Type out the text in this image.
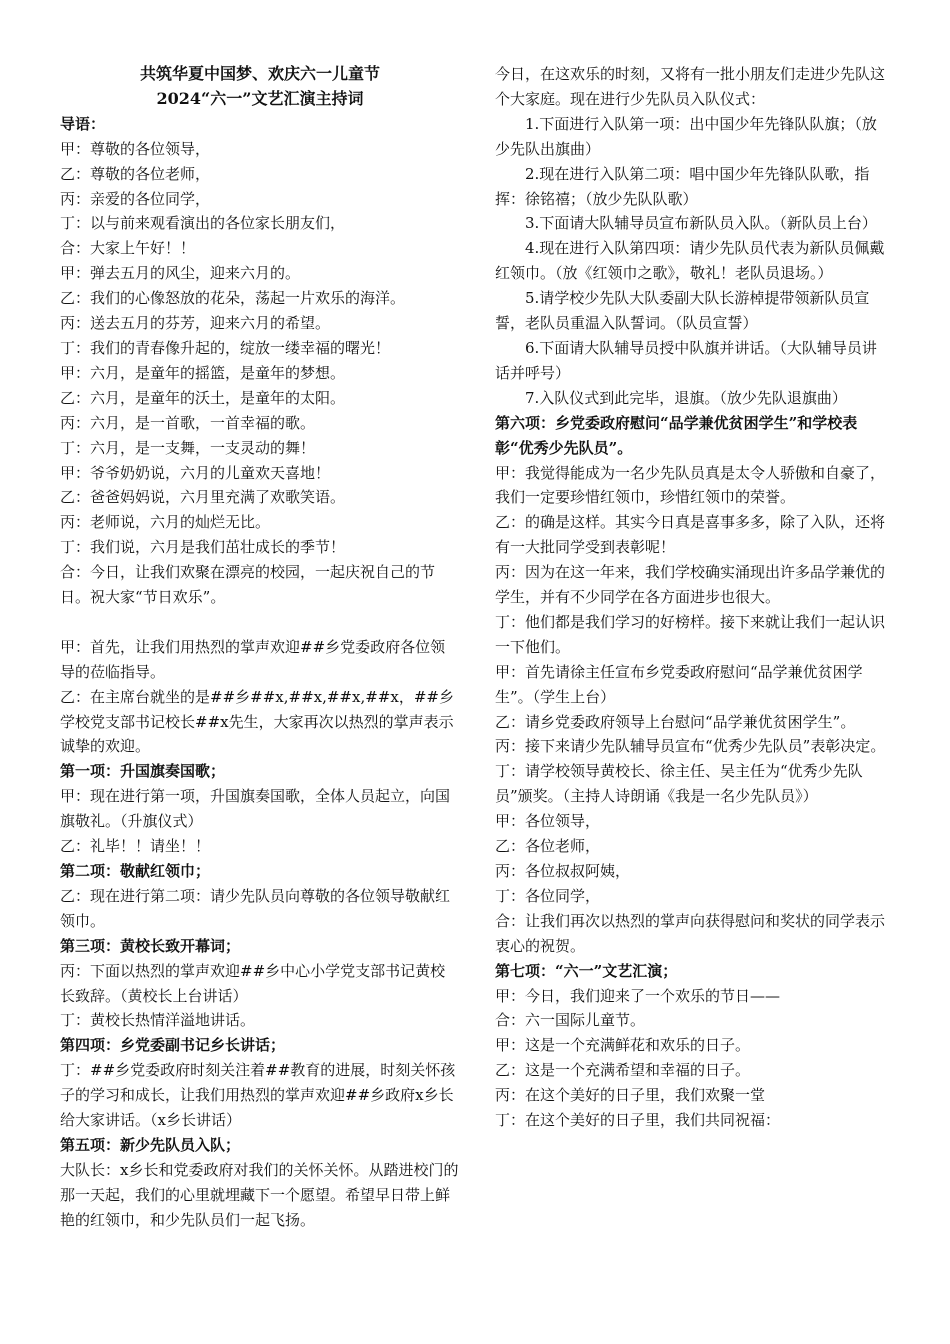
共筑华夏中国梦、欢庆六一儿童节
2024“六一”文艺汇演主持词
导语：
甲：尊敬的各位领导，
乙：尊敬的各位老师，
丙：亲爱的各位同学，
丁：以与前来观看演出的各位家长朋友们，
合：大家上午好！！
甲：弹去五月的风尘，迎来六月的。
乙：我们的心像怒放的花朵，荡起一片欢乐的海洋。
丙：送去五月的芬芳，迎来六月的希望。
丁：我们的青春像升起的，绽放一缕幸福的曙光！
甲：六月，是童年的摇篮，是童年的梦想。
乙：六月，是童年的沃土，是童年的太阳。
丙：六月，是一首歌，一首幸福的歌。
丁：六月，是一支舞，一支灵动的舞！
甲：爷爷奶奶说，六月的儿童欢天喜地！
乙：爸爸妈妈说，六月里充满了欢歌笑语。
丙：老师说，六月的灿烂无比。
丁：我们说，六月是我们茁壮成长的季节！
合：今日，让我们欢聚在漂亮的校园，一起庆祝自己的节日。祝大家“节日欢乐”。
甲：首先，让我们用热烈的掌声欢迎##乡党委政府各位领导的莅临指导。
乙：在主席台就坐的是##乡##x,##x,##x,##x，##乡学校党支部书记校长##x先生，大家再次以热烈的掌声表示诚挚的欢迎。
第一项：升国旗奏国歌；
甲：现在进行第一项，升国旗奏国歌，全体人员起立，向国旗敬礼。（升旗仪式）
乙：礼毕！！请坐！！
第二项：敬献红领巾；
乙：现在进行第二项：请少先队员向尊敬的各位领导敬献红领巾。
第三项：黄校长致开幕词；
丙：下面以热烈的掌声欢迎##乡中心小学党支部书记黄校长致辞。（黄校长上台讲话）
丁：黄校长热情洋溢地讲话。
第四项：乡党委副书记乡长讲话；
丁：##乡党委政府时刻关注着##教育的进展，时刻关怀孩子的学习和成长，让我们用热烈的掌声欢迎##乡政府x乡长给大家讲话。（x乡长讲话）
第五项：新少先队员入队；
大队长：x乡长和党委政府对我们的关怀关怀。从踏进校门的那一天起，我们的心里就埋藏下一个愿望。希望早日带上鲜艳的红领巾，和少先队员们一起飞扬。
今日，在这欢乐的时刻，又将有一批小朋友们走进少先队这个大家庭。现在进行少先队员入队仪式：
1.下面进行入队第一项：出中国少年先锋队队旗；（放少先队出旗曲）
2.现在进行入队第二项：唱中国少年先锋队队歌，指挥：徐铭禧；（放少先队队歌）
3.下面请大队辅导员宣布新队员入队。（新队员上台）
4.现在进行入队第四项：请少先队员代表为新队员佩戴红领巾。（放《红领巾之歌》，敬礼！老队员退场。）
5.请学校少先队大队委副大队长游棹提带领新队员宣誓，老队员重温入队誓词。（队员宣誓）
6.下面请大队辅导员授中队旗并讲话。（大队辅导员讲话并呼号）
7.入队仪式到此完毕，退旗。（放少先队退旗曲）
第六项：乡党委政府慰问“品学兼优贫困学生”和学校表彰“优秀少先队员”。
甲：我觉得能成为一名少先队员真是太令人骄傲和自豪了，我们一定要珍惜红领巾，珍惜红领巾的荣誉。
乙：的确是这样。其实今日真是喜事多多，除了入队，还将有一大批同学受到表彰呢！
丙：因为在这一年来，我们学校确实涌现出许多品学兼优的学生，并有不少同学在各方面进步也很大。
丁：他们都是我们学习的好榜样。接下来就让我们一起认识一下他们。
甲：首先请徐主任宣布乡党委政府慰问“品学兼优贫困学生”。（学生上台）
乙：请乡党委政府领导上台慰问“品学兼优贫困学生”。
丙：接下来请少先队辅导员宣布“优秀少先队员”表彰决定。
丁：请学校领导黄校长、徐主任、吴主任为“优秀少先队员”颁奖。（主持人诗朗诵《我是一名少先队员》）
甲：各位领导，
乙：各位老师，
丙：各位叔叔阿姨，
丁：各位同学，
合：让我们再次以热烈的掌声向获得慰问和奖状的同学表示衷心的祝贺。
第七项：“六一”文艺汇演；
甲：今日，我们迎来了一个欢乐的节日——
合：六一国际儿童节。
甲：这是一个充满鲜花和欢乐的日子。
乙：这是一个充满希望和幸福的日子。
丙：在这个美好的日子里，我们欢聚一堂
丁：在这个美好的日子里，我们共同祝福：
